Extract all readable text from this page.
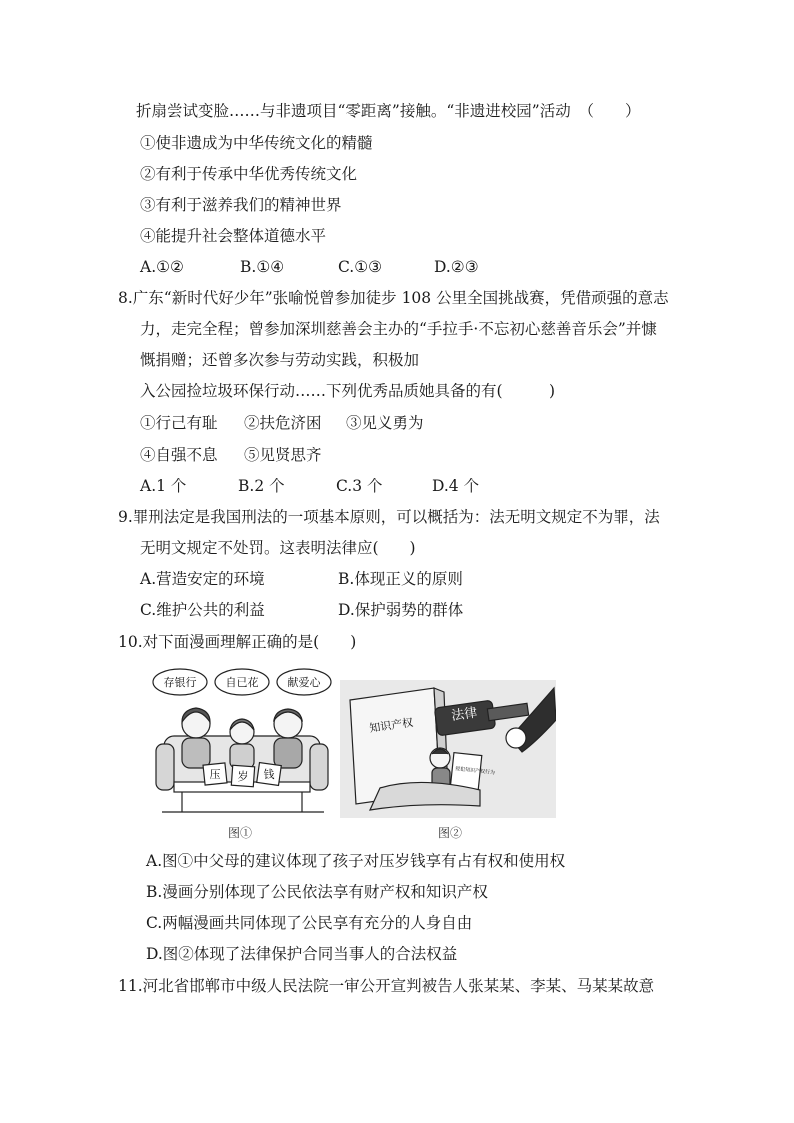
折扇尝试变脸……与非遗项目“零距离”接触。“非遗进校园”活动　（　　）
①使非遗成为中华传统文化的精髓
②有利于传承中华优秀传统文化
③有利于滋养我们的精神世界
④能提升社会整体道德水平
A.①②	B.①④	C.①③	D.②③
8.广东“新时代好少年”张喻悦曾参加徒步 108 公里全国挑战赛，凭借顽强的意志
力，走完全程；曾参加深圳慈善会主办的“手拉手·不忘初心慈善音乐会”并慷
慨捐赠；还曾多次参与劳动实践，积极加
入公园捡垃圾环保行动……下列优秀品质她具备的有(　　　)
①行己有耻 ②扶危济困 ③见义勇为
④自强不息 ⑤见贤思齐
A.1 个	B.2 个	C.3 个	D.4 个
9.罪刑法定是我国刑法的一项基本原则，可以概括为：法无明文规定不为罪，法
无明文规定不处罚。这表明法律应(　　)
A.营造安定的环境	B.体现正义的原则
C.维护公共的利益	D.保护弱势的群体
10.对下面漫画理解正确的是(　　)
存银行	自已花	献爱心
压 岁 钱
图①
知识产权
法律
侵犯知识产权行为
图②
A.图①中父母的建议体现了孩子对压岁钱享有占有权和使用权
B.漫画分别体现了公民依法享有财产权和知识产权
C.两幅漫画共同体现了公民享有充分的人身自由
D.图②体现了法律保护合同当事人的合法权益
11.河北省邯郸市中级人民法院一审公开宣判被告人张某某、李某、马某某故意
